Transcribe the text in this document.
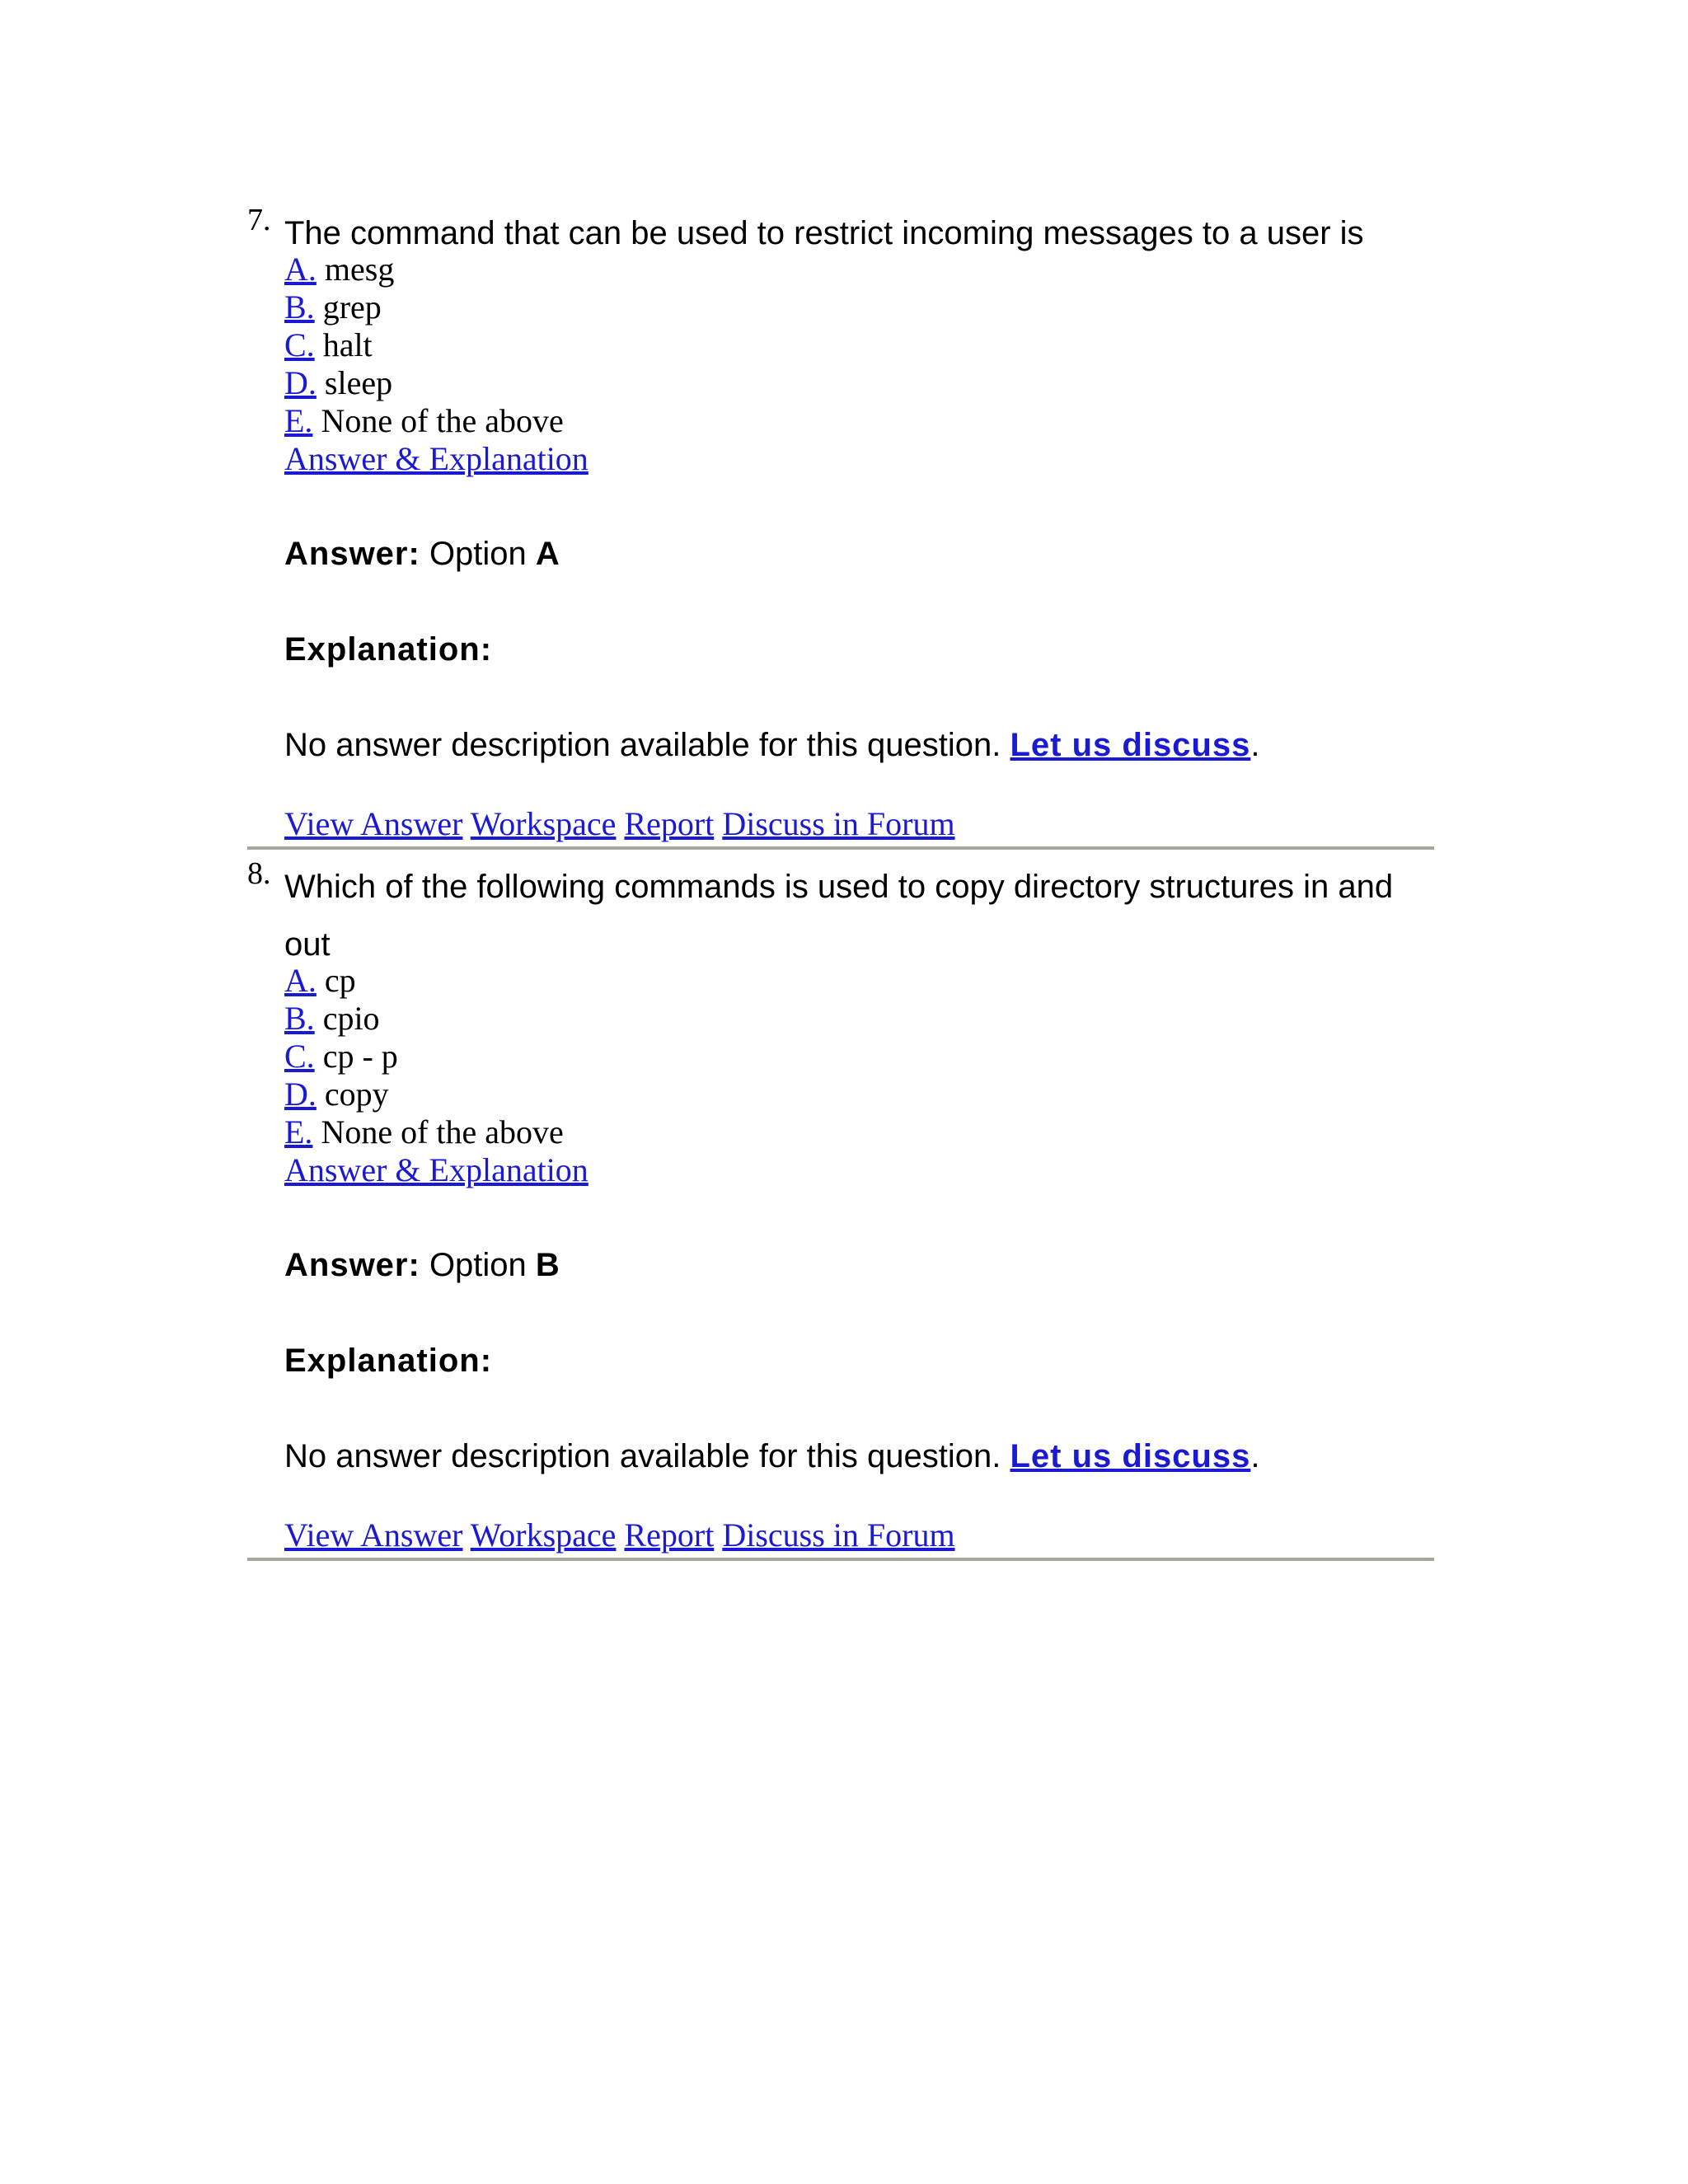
7. The command that can be used to restrict incoming messages to a user is

A. mesg
B. grep
C. halt
D. sleep
E. None of the above
Answer & Explanation
Answer: Option A
Explanation:
No answer description available for this question. Let us discuss.
View Answer Workspace Report Discuss in Forum
8. Which of the following commands is used to copy directory structures in and out

A. cp
B. cpio
C. cp - p
D. copy
E. None of the above
Answer & Explanation
Answer: Option B
Explanation:
No answer description available for this question. Let us discuss.
View Answer Workspace Report Discuss in Forum
